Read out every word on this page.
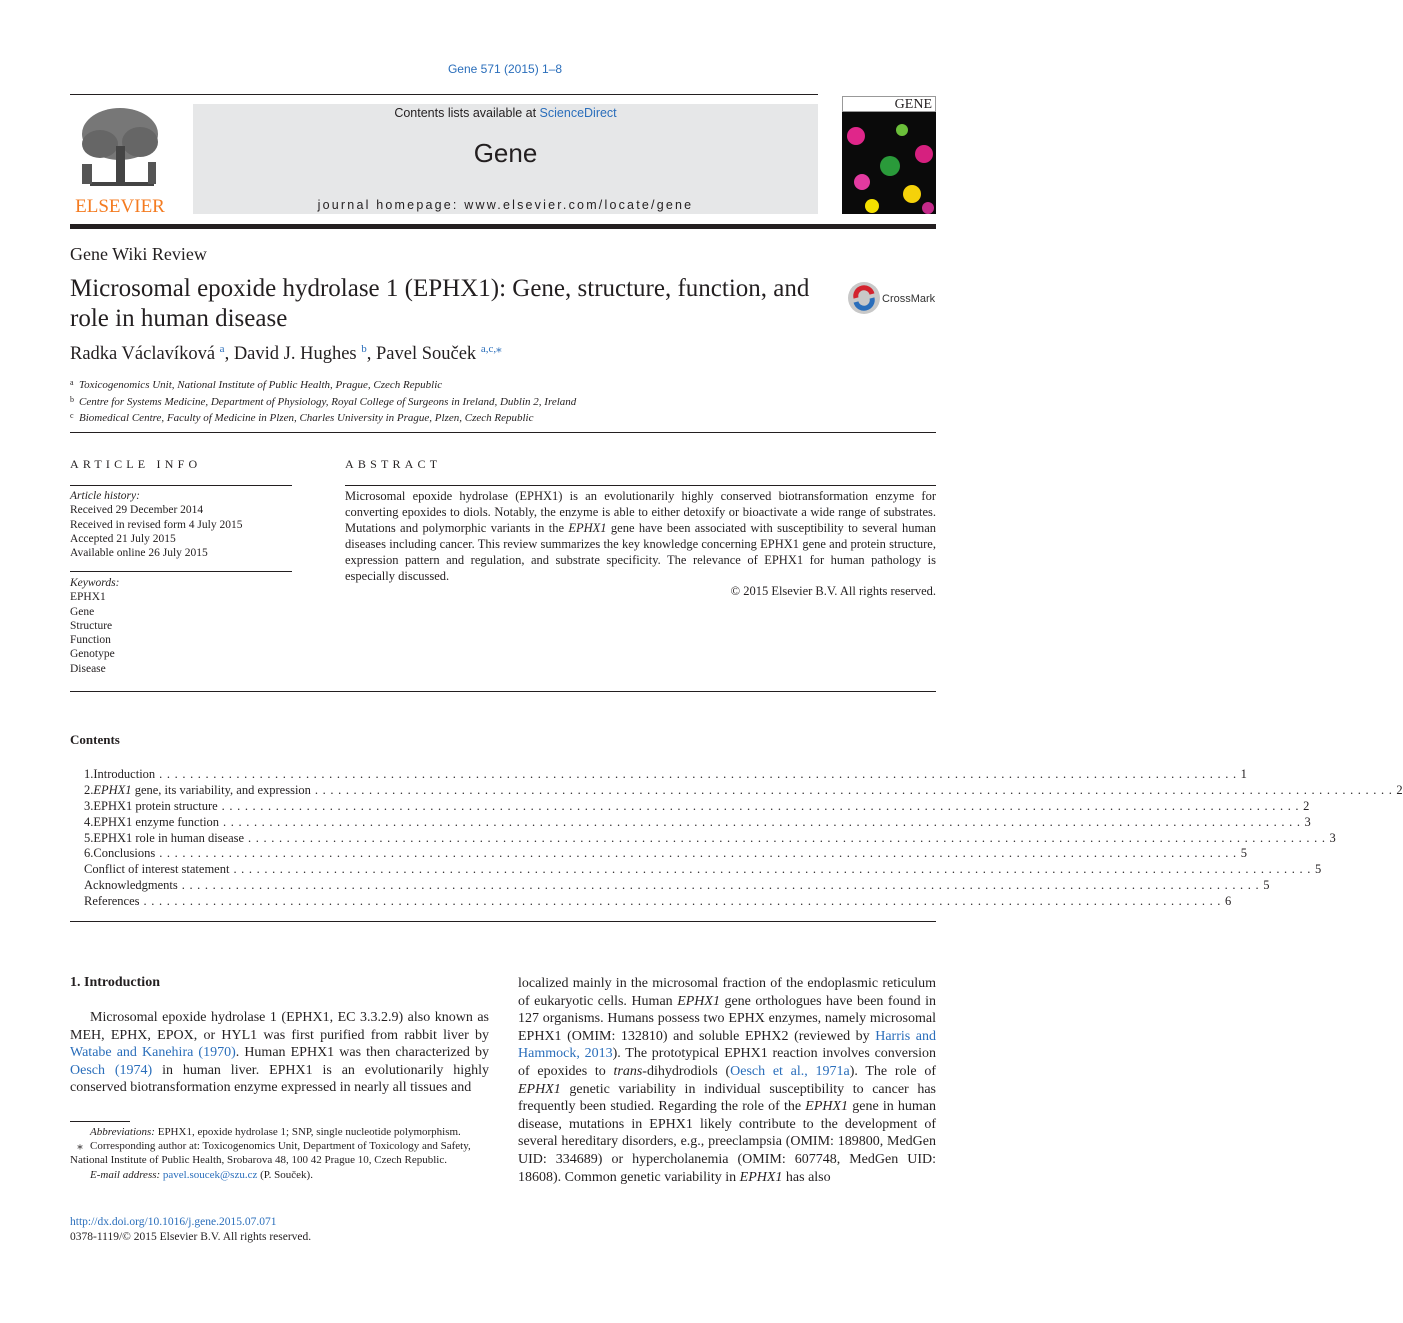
Gene 571 (2015) 1–8
ELSEVIER
Contents lists available at ScienceDirect
Gene
journal homepage: www.elsevier.com/locate/gene
GENE
Gene Wiki Review
Microsomal epoxide hydrolase 1 (EPHX1): Gene, structure, function, and role in human disease
CrossMark
Radka Václavíková $^a$, David J. Hughes $^b$, Pavel Souček $^{a,c,⁎}$
a Toxicogenomics Unit, National Institute of Public Health, Prague, Czech Republic
b Centre for Systems Medicine, Department of Physiology, Royal College of Surgeons in Ireland, Dublin 2, Ireland
c Biomedical Centre, Faculty of Medicine in Plzen, Charles University in Prague, Plzen, Czech Republic
ARTICLE INFO
Article history:
Received 29 December 2014
Received in revised form 4 July 2015
Accepted 21 July 2015
Available online 26 July 2015
Keywords:
EPHX1
Gene
Structure
Function
Genotype
Disease
ABSTRACT
Microsomal epoxide hydrolase (EPHX1) is an evolutionarily highly conserved biotransformation enzyme for converting epoxides to diols. Notably, the enzyme is able to either detoxify or bioactivate a wide range of substrates. Mutations and polymorphic variants in the EPHX1 gene have been associated with susceptibility to several human diseases including cancer. This review summarizes the key knowledge concerning EPHX1 gene and protein structure, expression pattern and regulation, and substrate specificity. The relevance of EPHX1 for human pathology is especially discussed.
© 2015 Elsevier B.V. All rights reserved.
Contents
1. Introduction ............................................................................................................................................ 1
2. EPHX1 gene, its variability, and expression ............................................................................................................................................ 2
3. EPHX1 protein structure ............................................................................................................................................ 2
4. EPHX1 enzyme function ............................................................................................................................................ 3
5. EPHX1 role in human disease ............................................................................................................................................ 3
6. Conclusions ............................................................................................................................................ 5
Conflict of interest statement ............................................................................................................................................ 5
Acknowledgments ............................................................................................................................................ 5
References ............................................................................................................................................ 6
1. Introduction
Microsomal epoxide hydrolase 1 (EPHX1, EC 3.3.2.9) also known as MEH, EPHX, EPOX, or HYL1 was first purified from rabbit liver by Watabe and Kanehira (1970). Human EPHX1 was then characterized by Oesch (1974) in human liver. EPHX1 is an evolutionarily highly conserved biotransformation enzyme expressed in nearly all tissues and
localized mainly in the microsomal fraction of the endoplasmic reticulum of eukaryotic cells. Human EPHX1 gene orthologues have been found in 127 organisms. Humans possess two EPHX enzymes, namely microsomal EPHX1 (OMIM: 132810) and soluble EPHX2 (reviewed by Harris and Hammock, 2013). The prototypical EPHX1 reaction involves conversion of epoxides to trans-dihydrodiols (Oesch et al., 1971a). The role of EPHX1 genetic variability in individual susceptibility to cancer has frequently been studied. Regarding the role of the EPHX1 gene in human disease, mutations in EPHX1 likely contribute to the development of several hereditary disorders, e.g., preeclampsia (OMIM: 189800, MedGen UID: 334689) or hypercholanemia (OMIM: 607748, MedGen UID: 18608). Common genetic variability in EPHX1 has also
Abbreviations: EPHX1, epoxide hydrolase 1; SNP, single nucleotide polymorphism.
⁎ Corresponding author at: Toxicogenomics Unit, Department of Toxicology and Safety, National Institute of Public Health, Srobarova 48, 100 42 Prague 10, Czech Republic.
E-mail address: pavel.soucek@szu.cz (P. Souček).
http://dx.doi.org/10.1016/j.gene.2015.07.071
0378-1119/© 2015 Elsevier B.V. All rights reserved.
